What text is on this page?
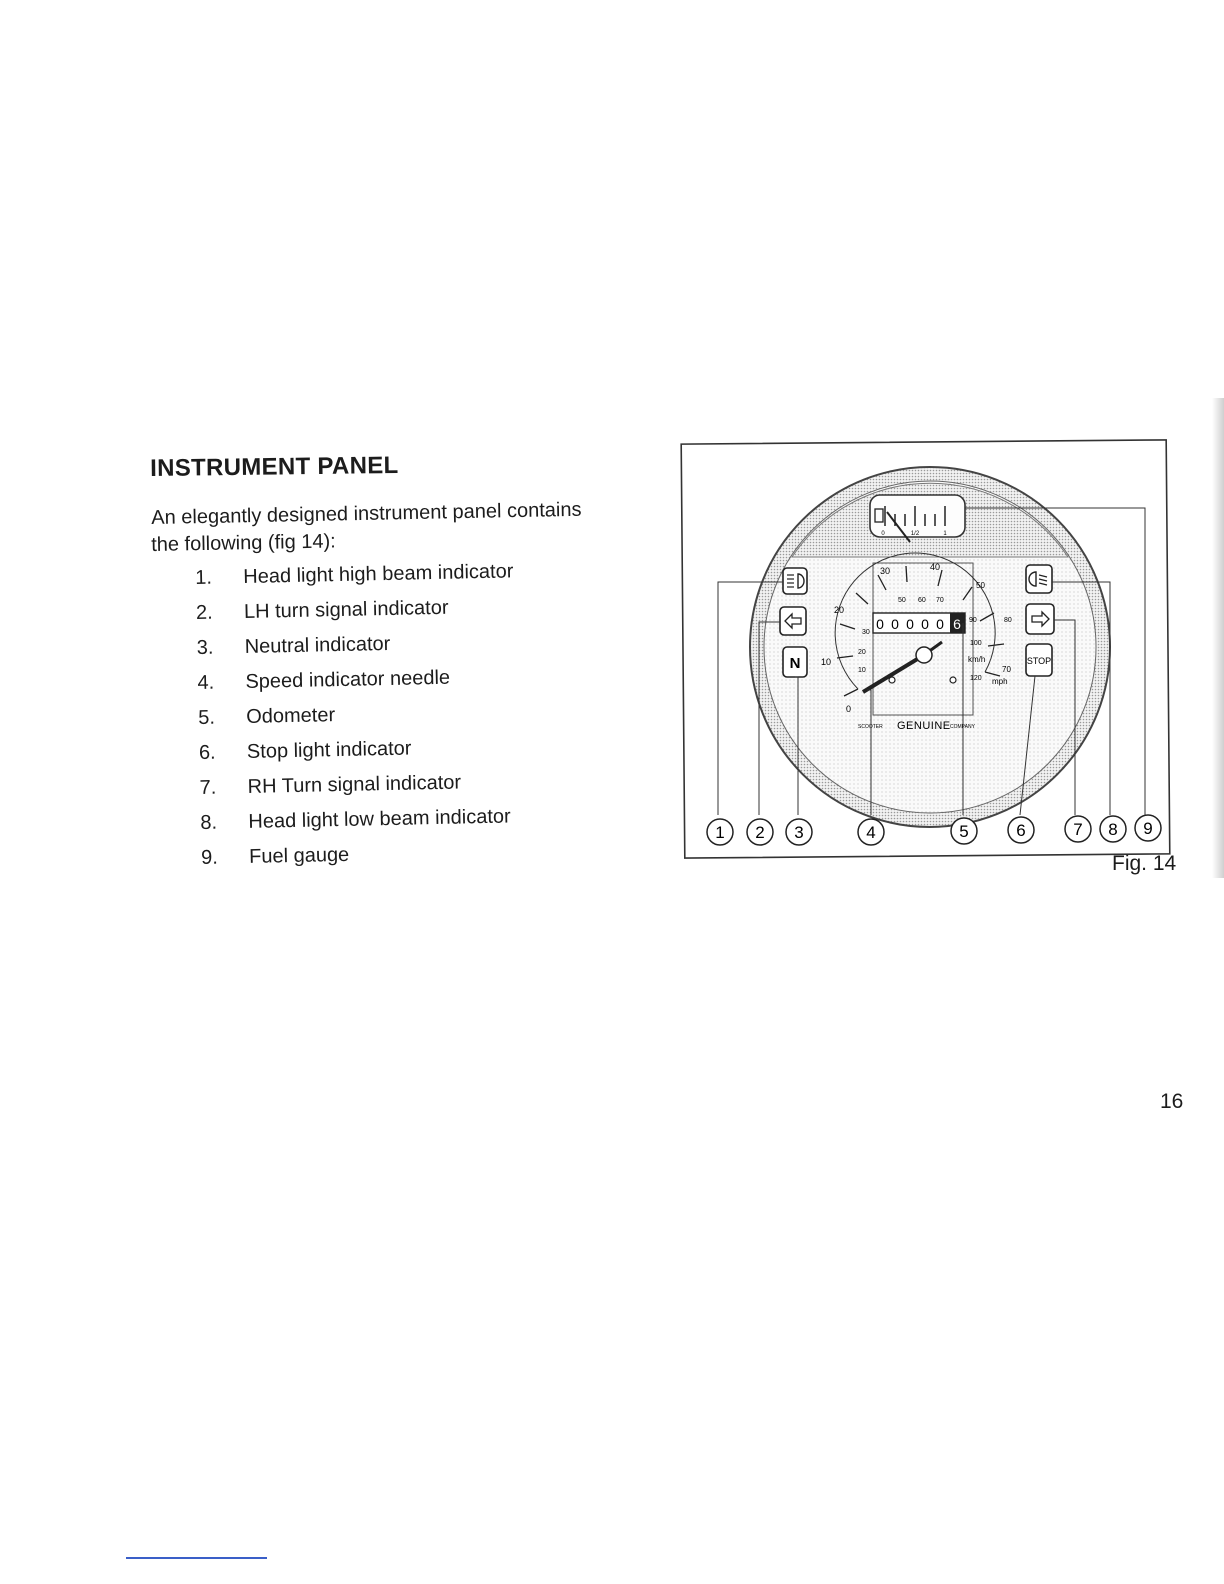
INSTRUMENT PANEL
An elegantly designed instrument panel contains
the following (fig 14):
1.	Head light high beam indicator
2.	LH turn signal indicator
3.	Neutral indicator
4.	Speed indicator needle
5.	Odometer
6.	Stop light indicator
7.	RH Turn signal indicator
8.	Head light low beam indicator
9.	Fuel gauge
0	1/2	1
0
10
20
30	40
50 60 70
80
90
100
120
10
20
30
50
70
km/h
mph
0 0 0 0 0 6
SCOOTER GENUINE COMPANY
N	STOP
1 2 3	4	5	6	7 8 9
Fig. 14
16
